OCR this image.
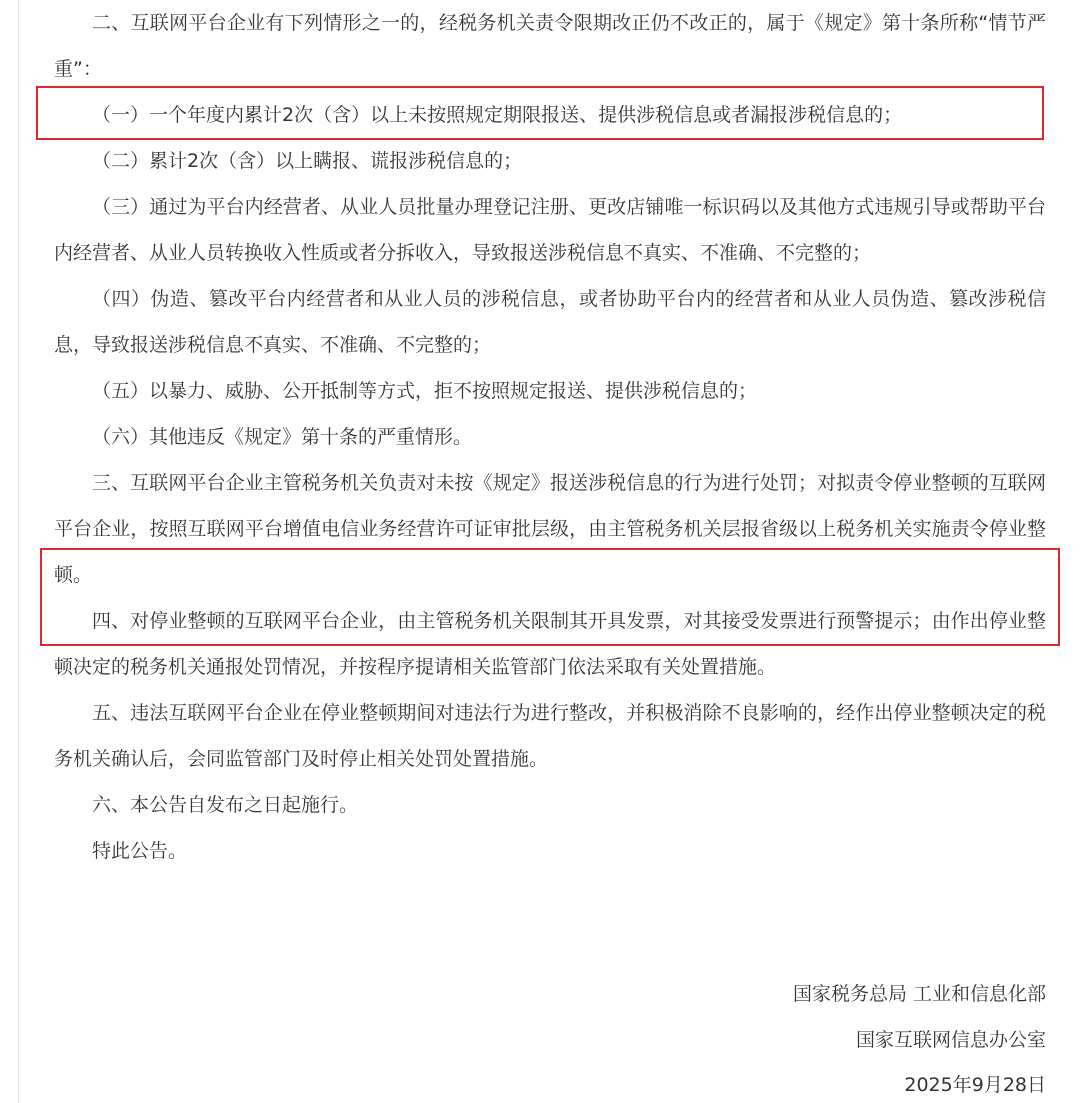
二、互联网平台企业有下列情形之一的，经税务机关责令限期改正仍不改正的，属于《规定》第十条所称“情节严重”：

（一）一个年度内累计2次（含）以上未按照规定期限报送、提供涉税信息或者漏报涉税信息的；

（二）累计2次（含）以上瞒报、谎报涉税信息的；

（三）通过为平台内经营者、从业人员批量办理登记注册、更改店铺唯一标识码以及其他方式违规引导或帮助平台内经营者、从业人员转换收入性质或者分拆收入，导致报送涉税信息不真实、不准确、不完整的；

（四）伪造、篡改平台内经营者和从业人员的涉税信息，或者协助平台内的经营者和从业人员伪造、篡改涉税信息，导致报送涉税信息不真实、不准确、不完整的；

（五）以暴力、威胁、公开抵制等方式，拒不按照规定报送、提供涉税信息的；

（六）其他违反《规定》第十条的严重情形。

三、互联网平台企业主管税务机关负责对未按《规定》报送涉税信息的行为进行处罚；对拟责令停业整顿的互联网平台企业，按照互联网平台增值电信业务经营许可证审批层级，由主管税务机关层报省级以上税务机关实施责令停业整顿。

四、对停业整顿的互联网平台企业，由主管税务机关限制其开具发票，对其接受发票进行预警提示；由作出停业整顿决定的税务机关通报处罚情况，并按程序提请相关监管部门依法采取有关处置措施。

五、违法互联网平台企业在停业整顿期间对违法行为进行整改，并积极消除不良影响的，经作出停业整顿决定的税务机关确认后，会同监管部门及时停止相关处罚处置措施。

六、本公告自发布之日起施行。

特此公告。

国家税务总局 工业和信息化部
国家互联网信息办公室
2025年9月28日
